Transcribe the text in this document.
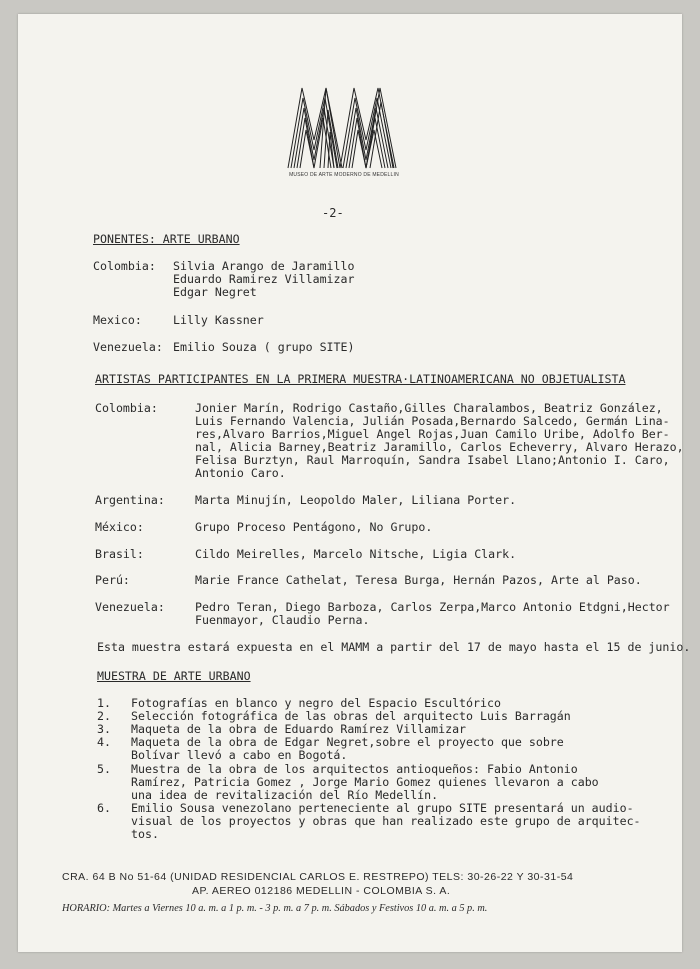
MUSEO DE ARTE MODERNO DE MEDELLIN
-2-
PONENTES: ARTE URBANO
Colombia: Silvia Arango de Jaramillo
Eduardo Ramirez Villamizar
Edgar Negret
Mexico:	Lilly Kassner
Venezuela: Emilio Souza ( grupo SITE)
ARTISTAS PARTICIPANTES EN LA PRIMERA MUESTRA·LATINOAMERICANA NO OBJETUALISTA
Colombia:	Jonier Marín, Rodrigo Castaño,Gilles Charalambos, Beatriz González,
Luis Fernando Valencia, Julián Posada,Bernardo Salcedo, Germán Lina-
res,Alvaro Barrios,Miguel Angel Rojas,Juan Camilo Uribe, Adolfo Ber-
nal, Alicia Barney,Beatriz Jaramillo, Carlos Echeverry, Alvaro Herazo,
Felisa Burztyn, Raul Marroquín, Sandra Isabel Llano;Antonio I. Caro,
Antonio Caro.
Argentina:	Marta Minujín, Leopoldo Maler, Liliana Porter.
México:	Grupo Proceso Pentágono, No Grupo.
Brasil:	Cildo Meirelles, Marcelo Nitsche, Ligia Clark.
Perú:	Marie France Cathelat, Teresa Burga, Hernán Pazos, Arte al Paso.
Venezuela:	Pedro Teran, Diego Barboza, Carlos Zerpa,Marco Antonio Etdgni,Hector
Fuenmayor, Claudio Perna.
Esta muestra estará expuesta en el MAMM a partir del 17 de mayo hasta el 15 de junio.
MUESTRA DE ARTE URBANO
1. Fotografías en blanco y negro del Espacio Escultórico
2. Selección fotográfica de las obras del arquitecto Luis Barragán
3. Maqueta de la obra de Eduardo Ramírez Villamizar
4. Maqueta de la obra de Edgar Negret,sobre el proyecto que sobre
Bolívar llevó a cabo en Bogotá.
5. Muestra de la obra de los arquitectos antioqueños: Fabio Antonio
Ramírez, Patricia Gomez , Jorge Mario Gomez quienes llevaron a cabo
una idea de revitalización del Río Medellín.
6. Emilio Sousa venezolano perteneciente al grupo SITE presentará un audio-
visual de los proyectos y obras que han realizado este grupo de arquitec-
tos.
CRA. 64 B No 51-64 (UNIDAD RESIDENCIAL CARLOS E. RESTREPO) TELS: 30-26-22 Y 30-31-54
AP. AEREO 012186 MEDELLIN - COLOMBIA S. A.
HORARIO: Martes a Viernes 10 a. m. a 1 p. m. - 3 p. m. a 7 p. m. Sábados y Festivos 10 a. m. a 5 p. m.
